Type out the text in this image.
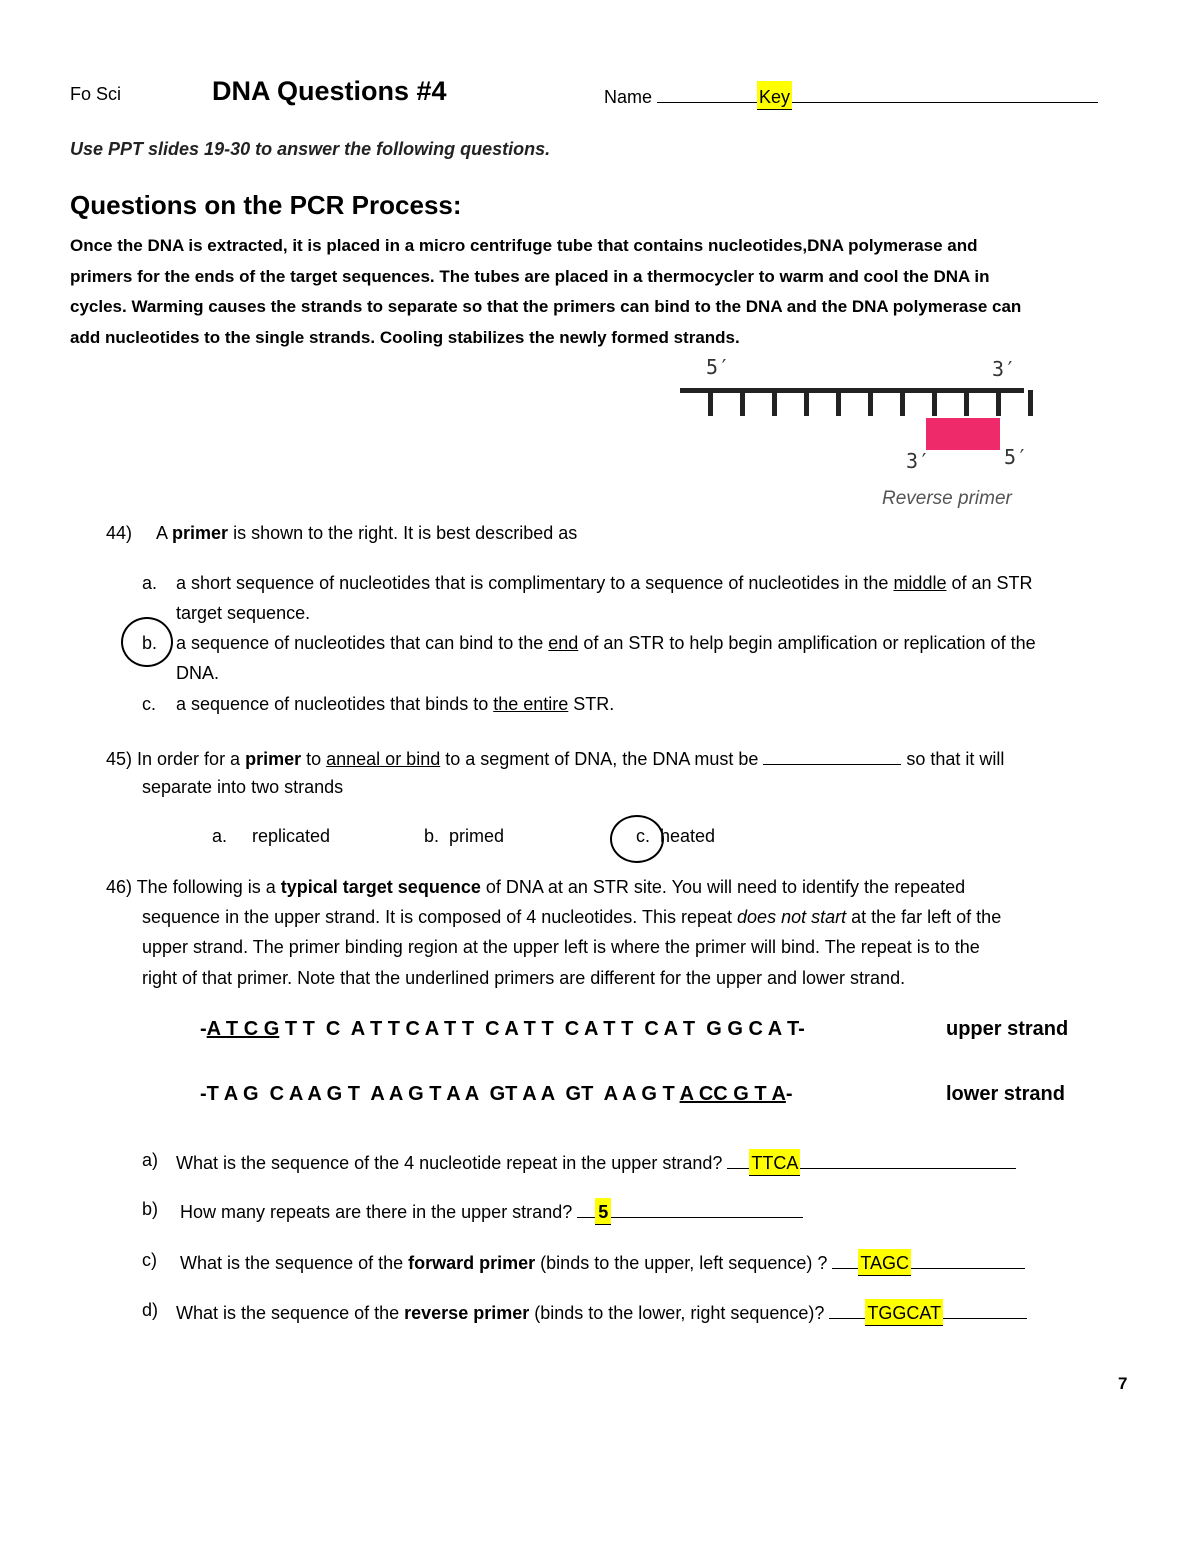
Fo Sci	DNA Questions #4	Name	Key
Use PPT slides 19-30 to answer the following questions.
Questions on the PCR Process:

Once the DNA is extracted, it is placed in a micro centrifuge tube that contains nucleotides,DNA polymerase and

primers for the ends of the target sequences. The tubes are placed in a thermocycler to warm and cool the DNA in

cycles. Warming causes the strands to separate so that the primers can bind to the DNA and the DNA polymerase can

add nucleotides to the single strands. Cooling stabilizes the newly formed strands.

5′	3′
3′	5′
Reverse primer
44) A primer is shown to the right. It is best described as
a. a short sequence of nucleotides that is complimentary to a sequence of nucleotides in the middle of an STR
target sequence.
b. a sequence of nucleotides that can bind to the end of an STR to help begin amplification or replication of the
DNA.
c. a sequence of nucleotides that binds to the entire STR.
45) In order for a primer to anneal or bind to a segment of DNA, the DNA must be	so that it will
separate into two strands
a.     replicated	b.  primed	c. heated
46) The following is a typical target sequence of DNA at an STR site. You will need to identify the repeated
sequence in the upper strand. It is composed of 4 nucleotides. This repeat does not start at the far left of the
upper strand. The primer binding region at the upper left is where the primer will bind. The repeat is to the
right of that primer. Note that the underlined primers are different for the upper and lower strand.
-A T C G T T  C  A T T C A T T  C A T T  C A T T  C A T  G G C A T-	upper strand
-T A G  C A A G T  A A G T A A  GT A A  GT  A A G T A CC G T A-	lower strand
a) What is the sequence of the 4 nucleotide repeat in the upper strand? TTCA
b) How many repeats are there in the upper strand? 5
c) What is the sequence of the forward primer (binds to the upper, left sequence) ? TAGC
d) What is the sequence of the reverse primer (binds to the lower, right sequence)? TGGCAT
7
